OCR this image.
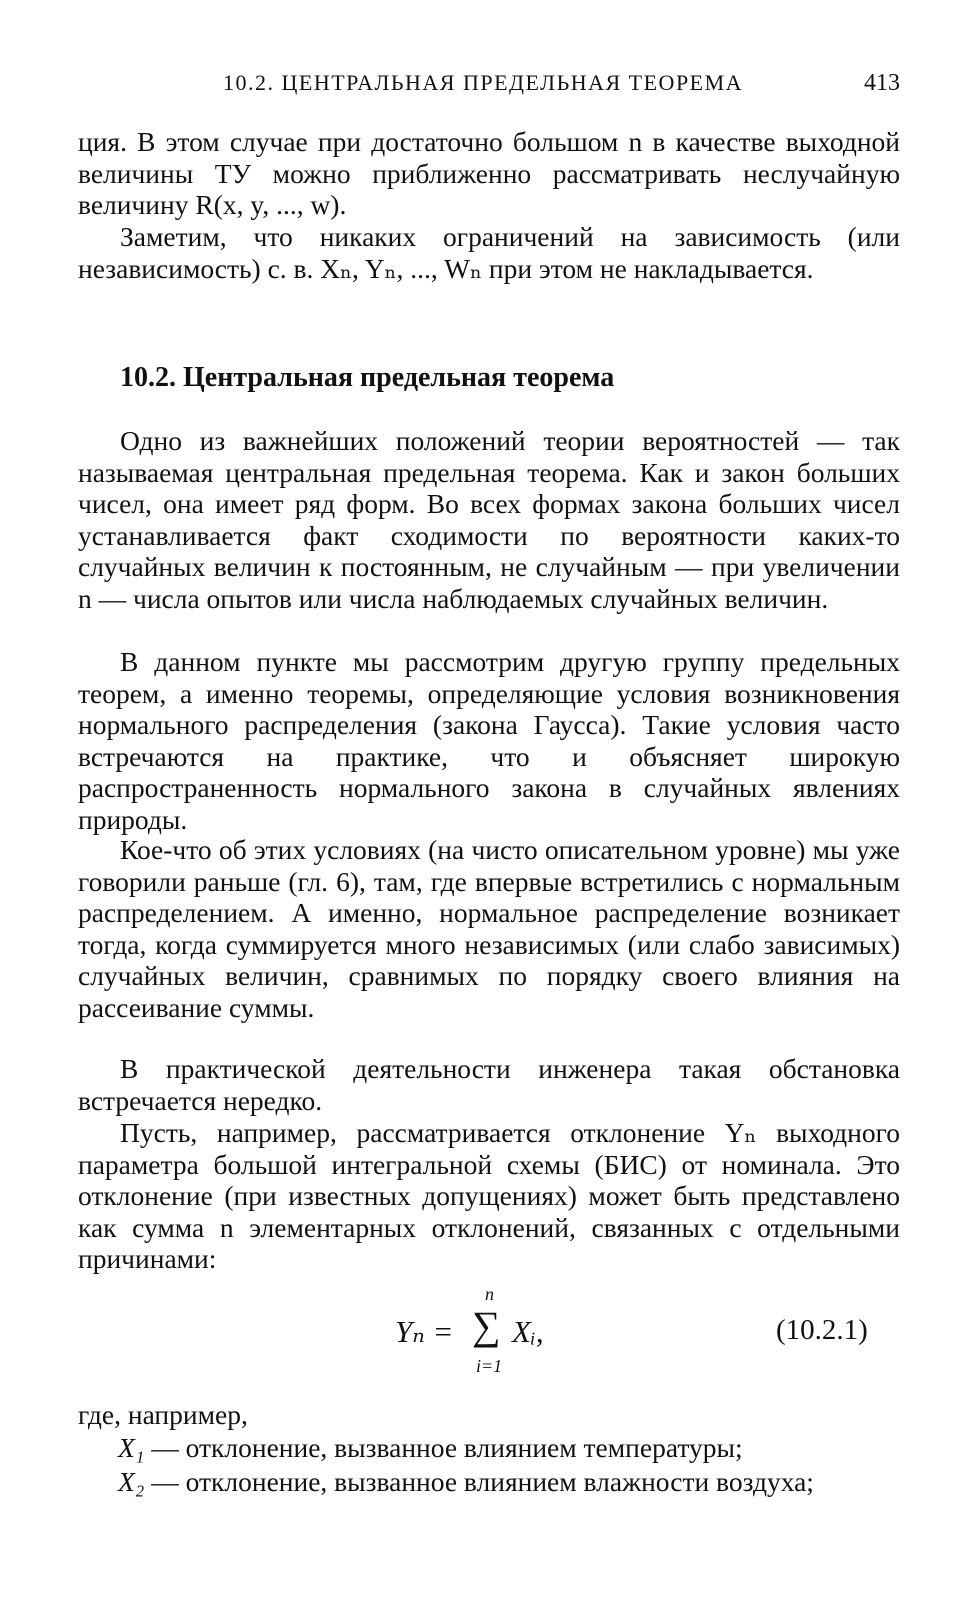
10.2. ЦЕНТРАЛЬНАЯ ПРЕДЕЛЬНАЯ ТЕОРЕМА	413

ция. В этом случае при достаточно большом n в качестве выходной величины ТУ можно приближенно рассматривать неслучайную величину R(x, y, ..., w).

Заметим, что никаких ограничений на зависимость (или независимость) с. в. Xₙ, Yₙ, ..., Wₙ при этом не накладывается.

10.2. Центральная предельная теорема

Одно из важнейших положений теории вероятностей — так называемая центральная предельная теорема. Как и закон больших чисел, она имеет ряд форм. Во всех формах закона больших чисел устанавливается факт сходимости по вероятности каких-то случайных величин к постоянным, не случайным — при увеличении n — числа опытов или числа наблюдаемых случайных величин.

В данном пункте мы рассмотрим другую группу предельных теорем, а именно теоремы, определяющие условия возникновения нормального распределения (закона Гаусса). Такие условия часто встречаются на практике, что и объясняет широкую распространенность нормального закона в случайных явлениях природы.

Кое-что об этих условиях (на чисто описательном уровне) мы уже говорили раньше (гл. 6), там, где впервые встретились с нормальным распределением. А именно, нормальное распределение возникает тогда, когда суммируется много независимых (или слабо зависимых) случайных величин, сравнимых по порядку своего влияния на рассеивание суммы.

В практической деятельности инженера такая обстановка встречается нередко.

Пусть, например, рассматривается отклонение Yₙ выходного параметра большой интегральной схемы (БИС) от номинала. Это отклонение (при известных допущениях) может быть представлено как сумма n элементарных отклонений, связанных с отдельными причинами:

Yₙ =
n
∑
i=1
Xᵢ,	(10.2.1)
где, например,
X₁ — отклонение, вызванное влиянием температуры;
X₂ — отклонение, вызванное влиянием влажности воздуха;
